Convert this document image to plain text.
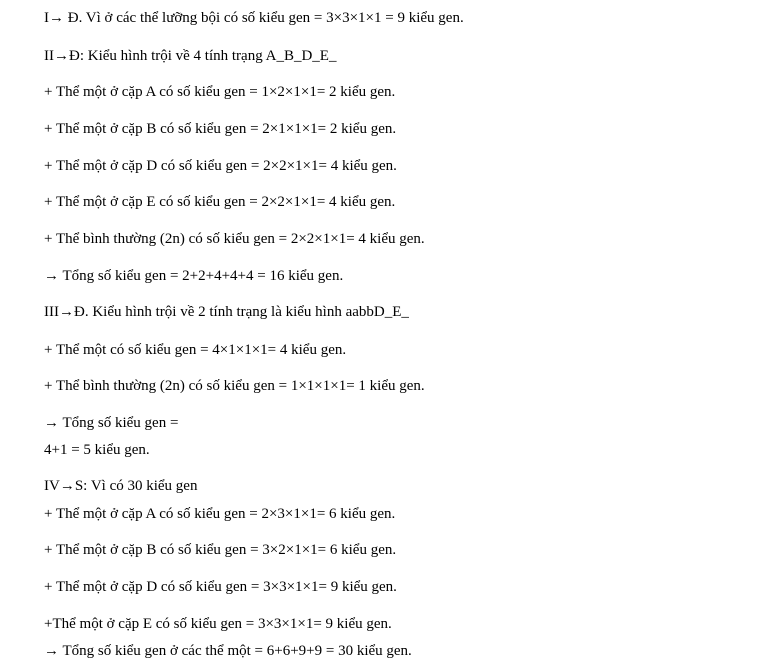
I→ Đ. Vì ở các thể lưỡng bội có số kiểu gen = 3×3×1×1 = 9 kiểu gen.
II→Đ: Kiểu hình trội về 4 tính trạng A_B_D_E_
+ Thể một ở cặp A có số kiểu gen = 1×2×1×1= 2 kiểu gen.
+ Thể một ở cặp B có số kiểu gen = 2×1×1×1= 2 kiểu gen.
+ Thể một ở cặp D có số kiểu gen = 2×2×1×1= 4 kiểu gen.
+ Thể một ở cặp E có số kiểu gen = 2×2×1×1= 4 kiểu gen.
+ Thể bình thường (2n) có số kiểu gen = 2×2×1×1= 4 kiểu gen.
→ Tổng số kiểu gen = 2+2+4+4+4 = 16 kiểu gen.
III→Đ. Kiểu hình trội về 2 tính trạng là kiểu hình aabbD_E_
+ Thể một có số kiểu gen = 4×1×1×1= 4 kiểu gen.
+ Thể bình thường (2n) có số kiểu gen = 1×1×1×1= 1 kiểu gen.
→ Tổng số kiểu gen =
4+1 = 5 kiểu gen.
IV→S: Vì có 30 kiểu gen
+ Thể một ở cặp A có số kiểu gen = 2×3×1×1= 6 kiểu gen.
+ Thể một ở cặp B có số kiểu gen = 3×2×1×1= 6 kiểu gen.
+ Thể một ở cặp D có số kiểu gen = 3×3×1×1= 9 kiểu gen.
+Thể một ở cặp E có số kiểu gen = 3×3×1×1= 9 kiểu gen.
→ Tổng số kiểu gen ở các thể một = 6+6+9+9 = 30 kiểu gen.
